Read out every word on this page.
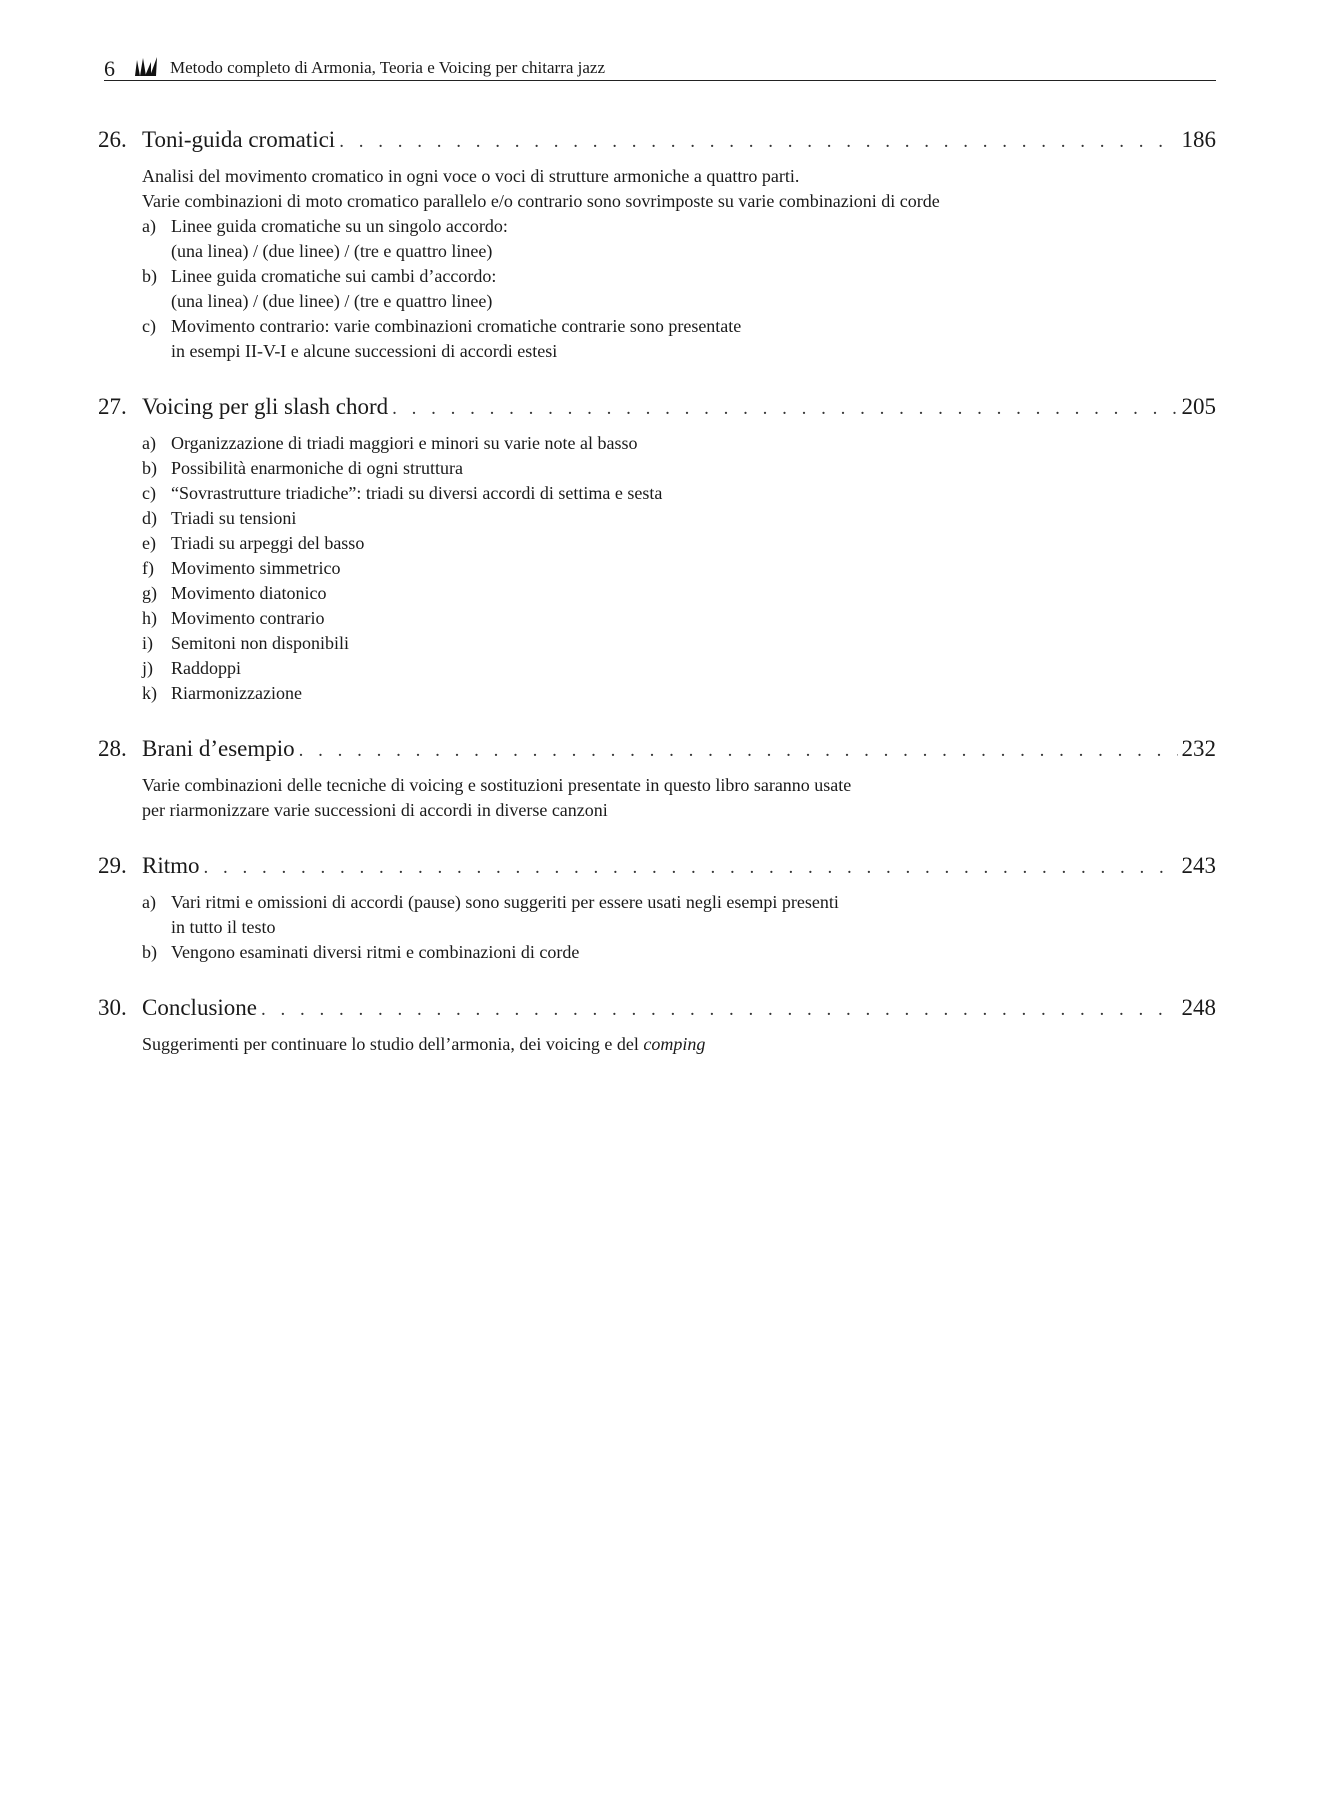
6	Metodo completo di Armonia, Teoria e Voicing per chitarra jazz
26. Toni-guida cromatici . . .	186
Analisi del movimento cromatico in ogni voce o voci di strutture armoniche a quattro parti.
Varie combinazioni di moto cromatico parallelo e/o contrario sono sovrimposte su varie combinazioni di corde
a) Linee guida cromatiche su un singolo accordo:
(una linea) / (due linee) / (tre e quattro linee)
b) Linee guida cromatiche sui cambi d’accordo:
(una linea) / (due linee) / (tre e quattro linee)
c) Movimento contrario: varie combinazioni cromatiche contrarie sono presentate
in esempi II-V-I e alcune successioni di accordi estesi
27. Voicing per gli slash chord . . .	205
a) Organizzazione di triadi maggiori e minori su varie note al basso
b) Possibilità enarmoniche di ogni struttura
c) “Sovrastrutture triadiche”: triadi su diversi accordi di settima e sesta
d) Triadi su tensioni
e) Triadi su arpeggi del basso
f) Movimento simmetrico
g) Movimento diatonico
h) Movimento contrario
i)	Semitoni non disponibili
j)	Raddoppi
k) Riarmonizzazione
28. Brani d’esempio . . .	232
Varie combinazioni delle tecniche di voicing e sostituzioni presentate in questo libro saranno usate
per riarmonizzare varie successioni di accordi in diverse canzoni
29. Ritmo . . .	243
a) Vari ritmi e omissioni di accordi (pause) sono suggeriti per essere usati negli esempi presenti
in tutto il testo
b) Vengono esaminati diversi ritmi e combinazioni di corde
30. Conclusione . . .	248
Suggerimenti per continuare lo studio dell’armonia, dei voicing e del comping
